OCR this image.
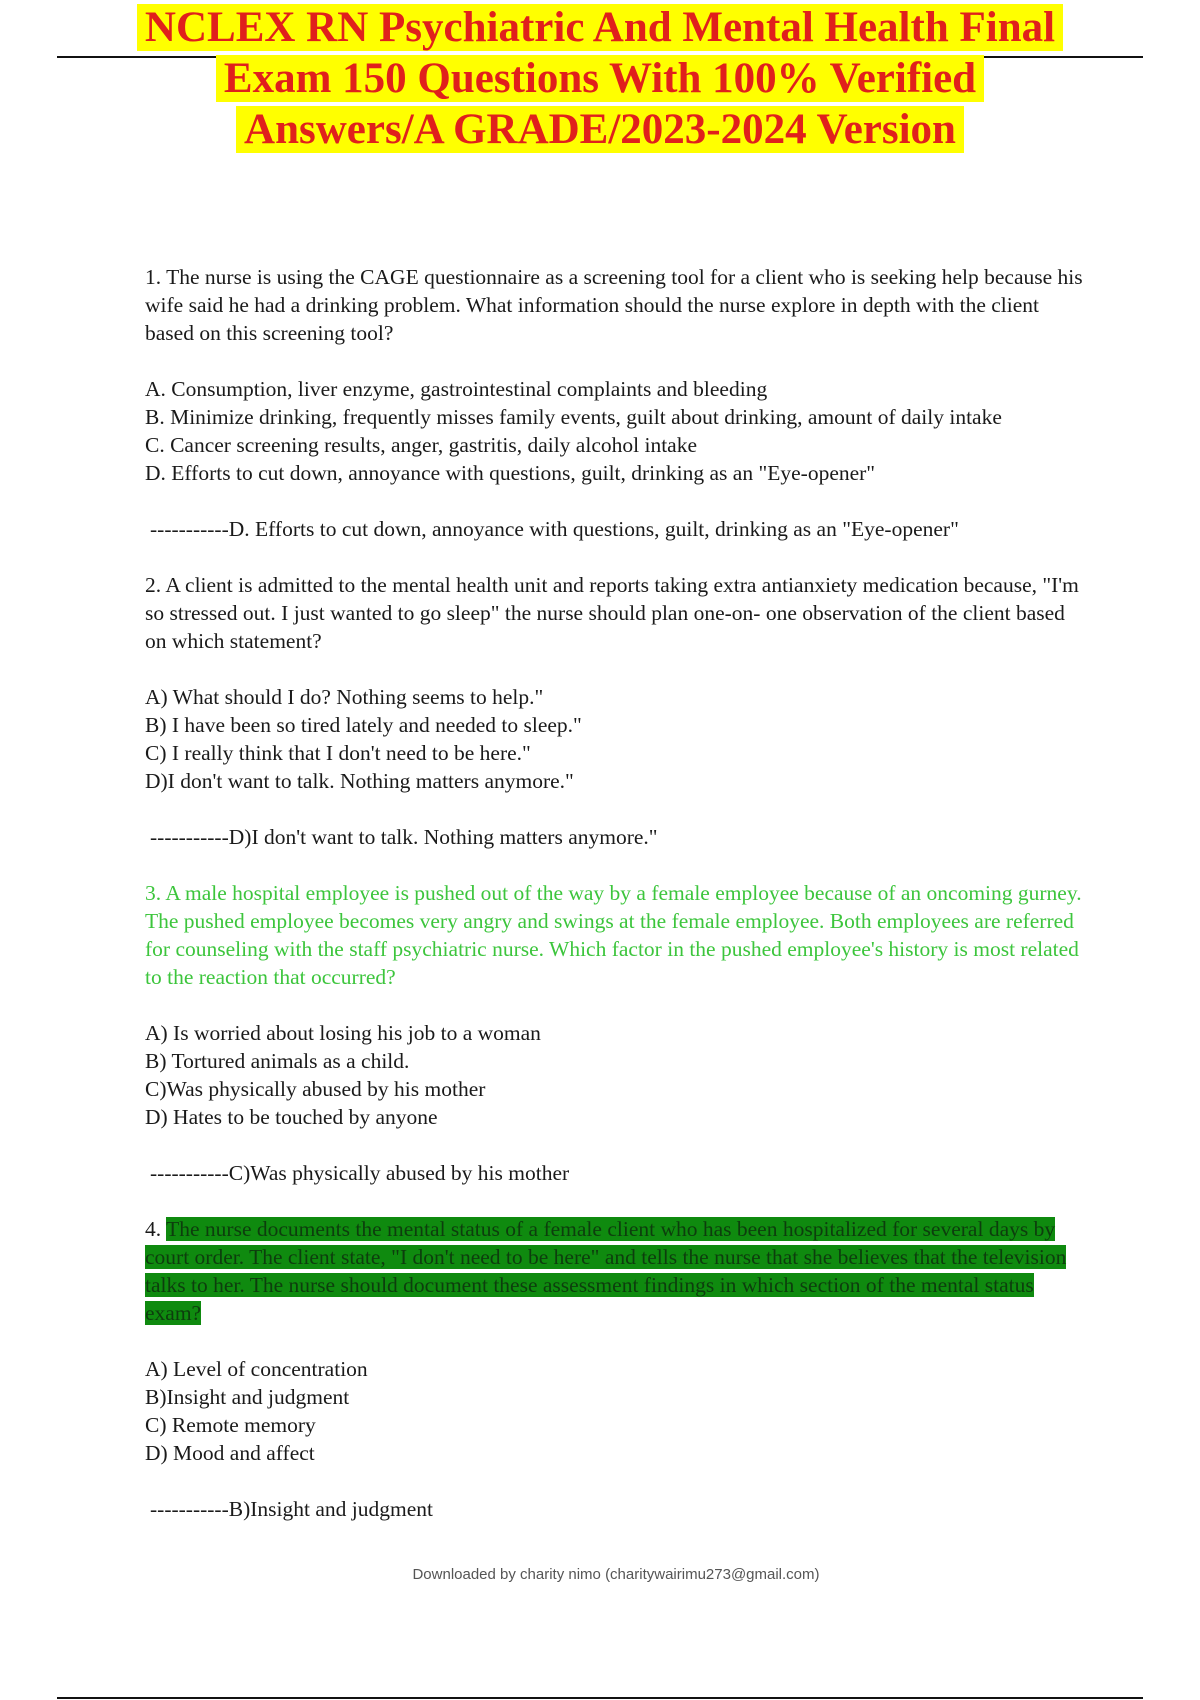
NCLEX RN Psychiatric And Mental Health Final
Exam 150 Questions With 100% Verified
Answers/A GRADE/2023-2024 Version
1. The nurse is using the CAGE questionnaire as a screening tool for a client who is seeking help because his wife said he had a drinking problem. What information should the nurse explore in depth with the client based on this screening tool?
A. Consumption, liver enzyme, gastrointestinal complaints and bleeding
B. Minimize drinking, frequently misses family events, guilt about drinking, amount of daily intake
C. Cancer screening results, anger, gastritis, daily alcohol intake
D. Efforts to cut down, annoyance with questions, guilt, drinking as an "Eye-opener"
-----------D. Efforts to cut down, annoyance with questions, guilt, drinking as an "Eye-opener"
2. A client is admitted to the mental health unit and reports taking extra antianxiety medication because, "I'm so stressed out. I just wanted to go sleep" the nurse should plan one-on- one observation of the client based on which statement?
A) What should I do? Nothing seems to help."
B) I have been so tired lately and needed to sleep."
C) I really think that I don't need to be here."
D)I don't want to talk. Nothing matters anymore."
-----------D)I don't want to talk. Nothing matters anymore."
3. A male hospital employee is pushed out of the way by a female employee because of an oncoming gurney. The pushed employee becomes very angry and swings at the female employee. Both employees are referred for counseling with the staff psychiatric nurse. Which factor in the pushed employee's history is most related to the reaction that occurred?
A) Is worried about losing his job to a woman
B) Tortured animals as a child.
C)Was physically abused by his mother
D) Hates to be touched by anyone
-----------C)Was physically abused by his mother
4. The nurse documents the mental status of a female client who has been hospitalized for several days by court order. The client state, "I don't need to be here" and tells the nurse that she believes that the television talks to her. The nurse should document these assessment findings in which section of the mental status exam?
A) Level of concentration
B)Insight and judgment
C) Remote memory
D) Mood and affect
-----------B)Insight and judgment
Downloaded by charity nimo (charitywairimu273@gmail.com)
